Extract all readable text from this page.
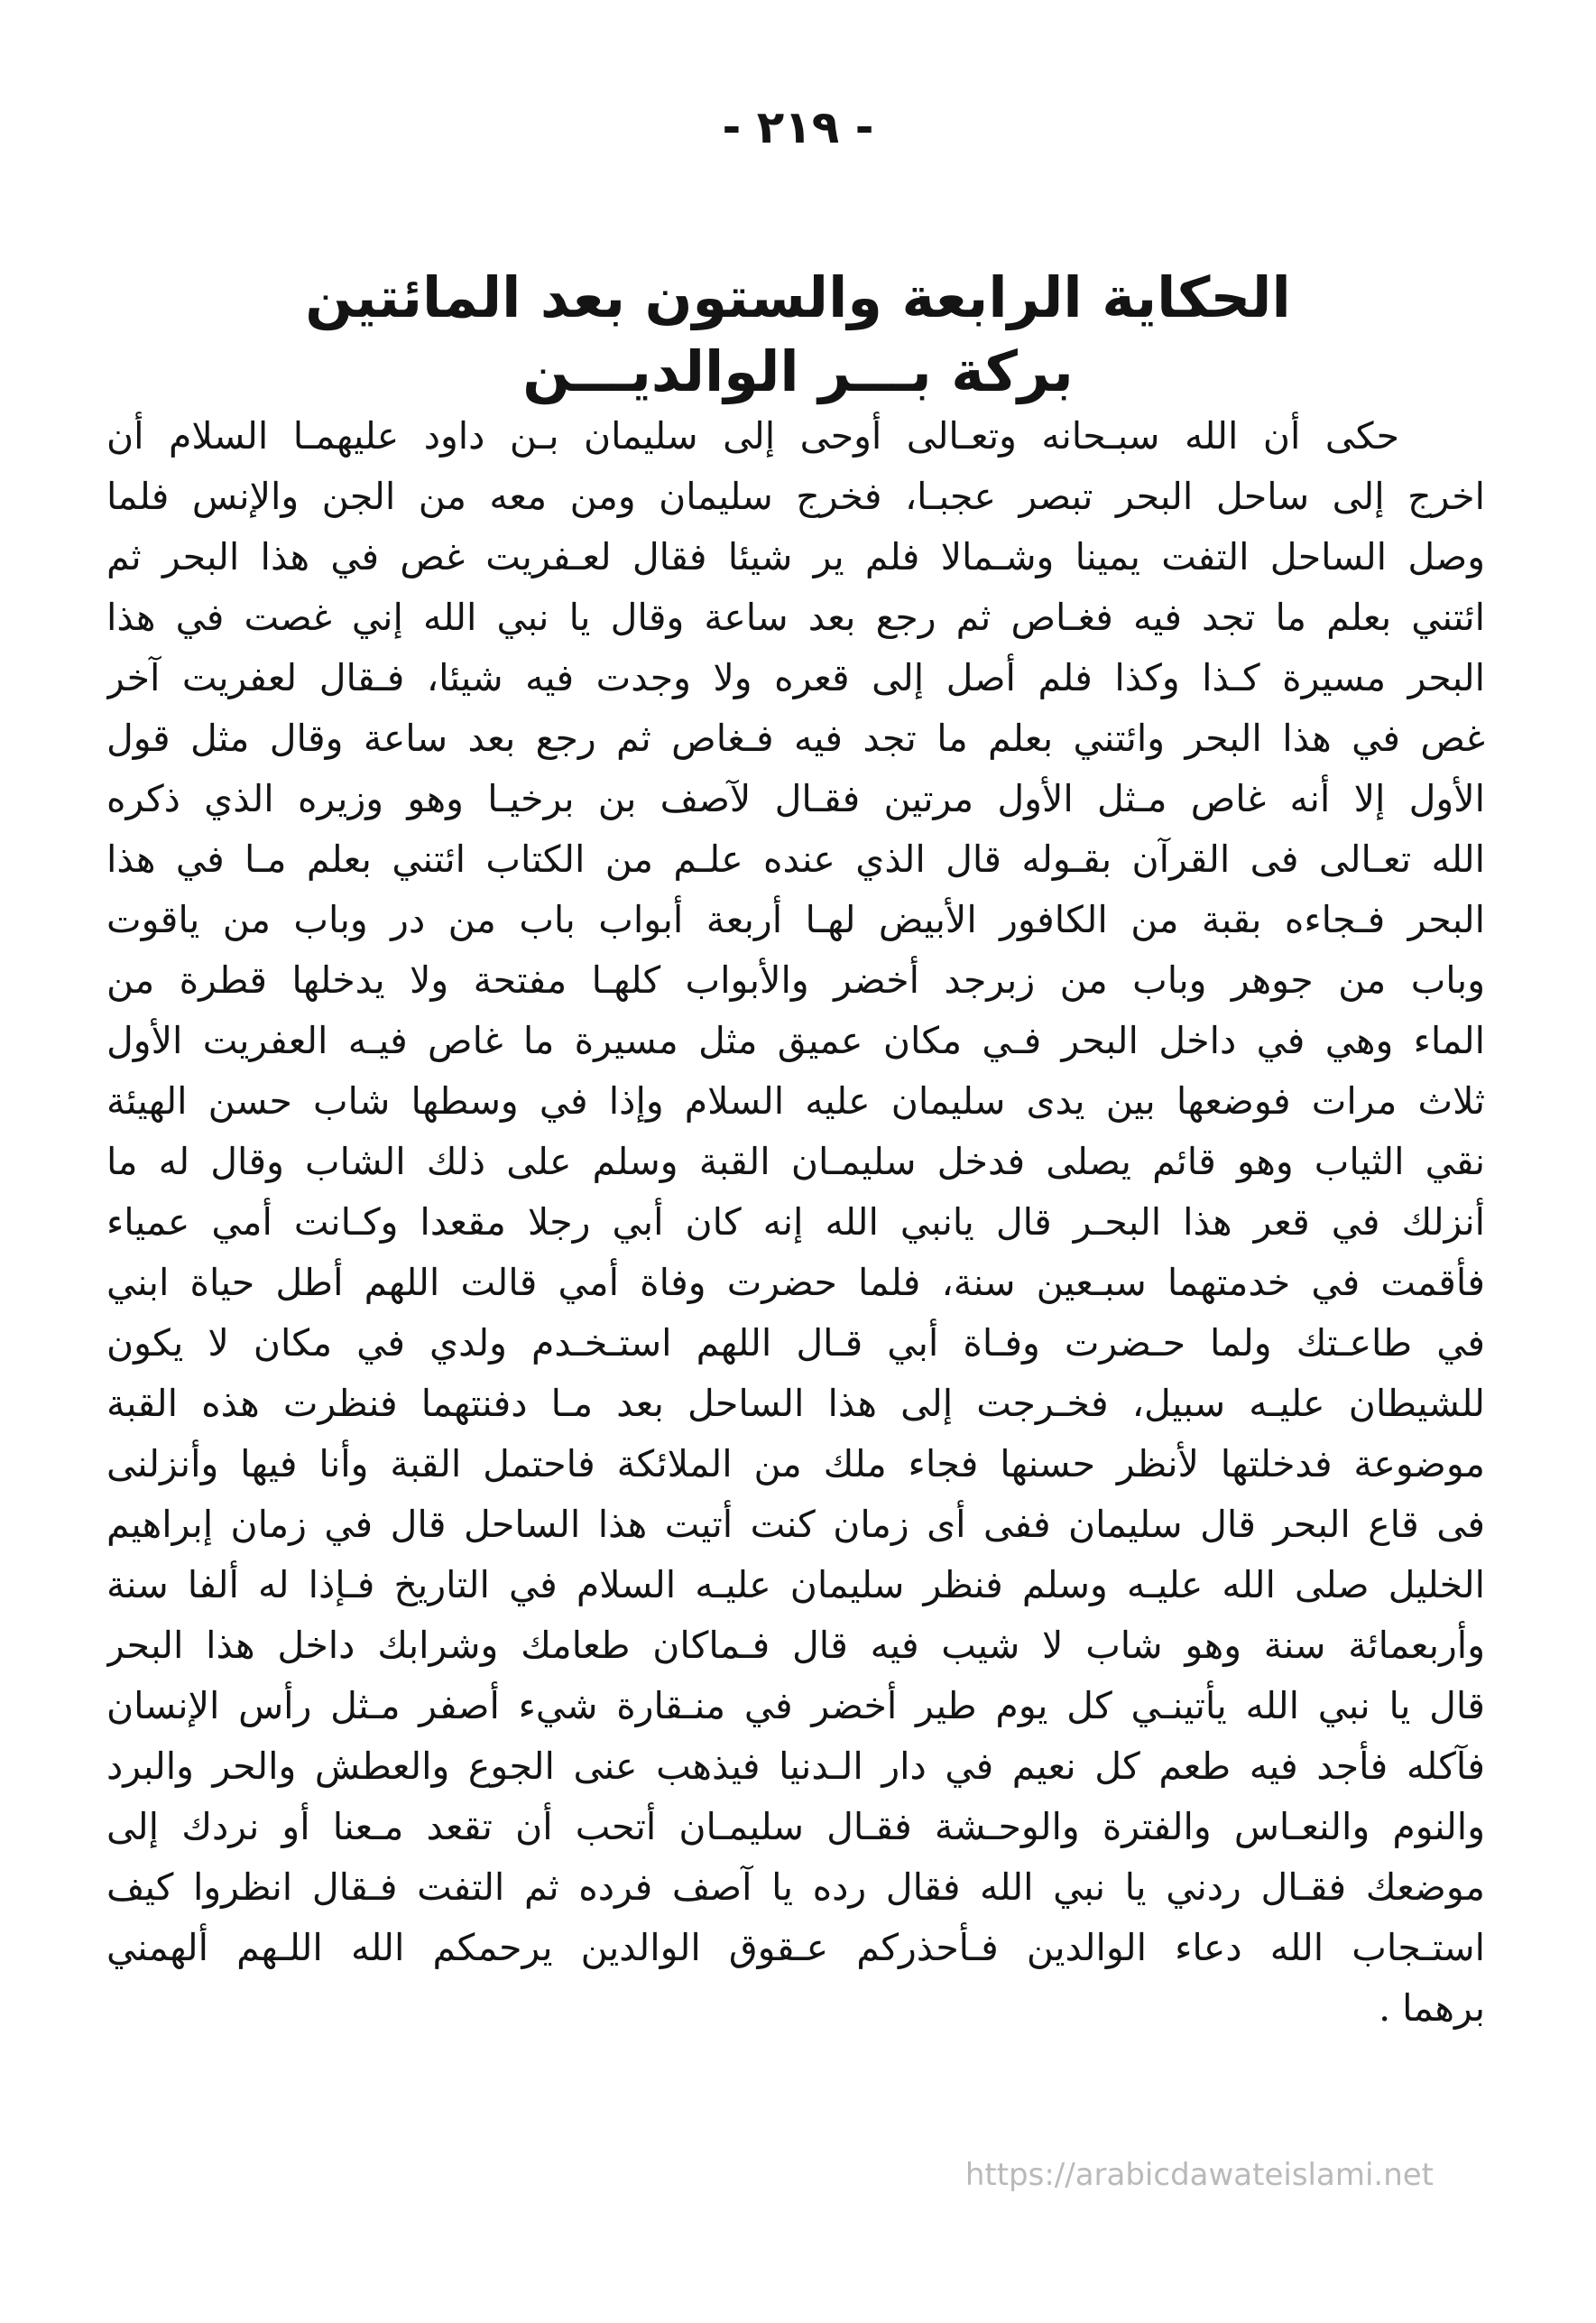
- ٢١٩ -
الحكاية الرابعة والستون بعد المائتين
بركة بـــر الوالديـــن
حكى أن الله سبـحانه وتعـالى أوحى إلى سليمان بـن داود عليهمـا السلام أن
اخرج إلى ساحل البحر تبصر عجبـا، فخرج سليمان ومن معه من الجن والإنس فلما
وصل الساحل التفت يمينا وشـمالا فلم ير شيئا فقال لعـفريت غص في هذا البحر ثم
ائتني بعلم ما تجد فيه فغـاص ثم رجع بعد ساعة وقال يا نبي الله إني غصت في هذا
البحر مسيرة كـذا وكذا فلم أصل إلى قعره ولا وجدت فيه شيئا، فـقال لعفريت آخر
غص في هذا البحر وائتني بعلم ما تجد فيه فـغاص ثم رجع بعد ساعة وقال مثل قول
الأول إلا أنه غاص مـثل الأول مرتين فقـال لآصف بن برخيـا وهو وزيره الذي ذكره
الله تعـالى فى القرآن بقـوله قال الذي عنده علـم من الكتاب ائتني بعلم مـا في هذا
البحر فـجاءه بقبة من الكافور الأبيض لهـا أربعة أبواب باب من در وباب من ياقوت
وباب من جوهر وباب من زبرجد أخضر والأبواب كلهـا مفتحة ولا يدخلها قطرة من
الماء وهي في داخل البحر فـي مكان عميق مثل مسيرة ما غاص فيـه العفريت الأول
ثلاث مرات فوضعها بين يدى سليمان عليه السلام وإذا في وسطها شاب حسن الهيئة
نقي الثياب وهو قائم يصلى فدخل سليمـان القبة وسلم على ذلك الشاب وقال له ما
أنزلك في قعر هذا البحـر قال يانبي الله إنه كان أبي رجلا مقعدا وكـانت أمي عمياء
فأقمت في خدمتهما سبـعين سنة، فلما حضرت وفاة أمي قالت اللهم أطل حياة ابني
في طاعـتك ولما حـضرت وفـاة أبي قـال اللهم استـخـدم ولدي في مكان لا يكون
للشيطان عليـه سبيل، فخـرجت إلى هذا الساحل بعد مـا دفنتهما فنظرت هذه القبة
موضوعة فدخلتها لأنظر حسنها فجاء ملك من الملائكة فاحتمل القبة وأنا فيها وأنزلنى
فى قاع البحر قال سليمان ففى أى زمان كنت أتيت هذا الساحل قال في زمان إبراهيم
الخليل صلى الله عليـه وسلم فنظر سليمان عليـه السلام في التاريخ فـإذا له ألفا سنة
وأربعمائة سنة وهو شاب لا شيب فيه قال فـماكان طعامك وشرابك داخل هذا البحر
قال يا نبي الله يأتينـي كل يوم طير أخضر في منـقارة شيء أصفر مـثل رأس الإنسان
فآكله فأجد فيه طعم كل نعيم في دار الـدنيا فيذهب عنى الجوع والعطش والحر والبرد
والنوم والنعـاس والفترة والوحـشة فقـال سليمـان أتحب أن تقعد مـعنا أو نردك إلى
موضعك فقـال ردني يا نبي الله فقال رده يا آصف فرده ثم التفت فـقال انظروا كيف
استـجاب الله دعاء الوالدين فـأحذركم عـقوق الوالدين يرحمكم الله اللـهم ألهمني
برهما .
https://arabicdawateislami.net
